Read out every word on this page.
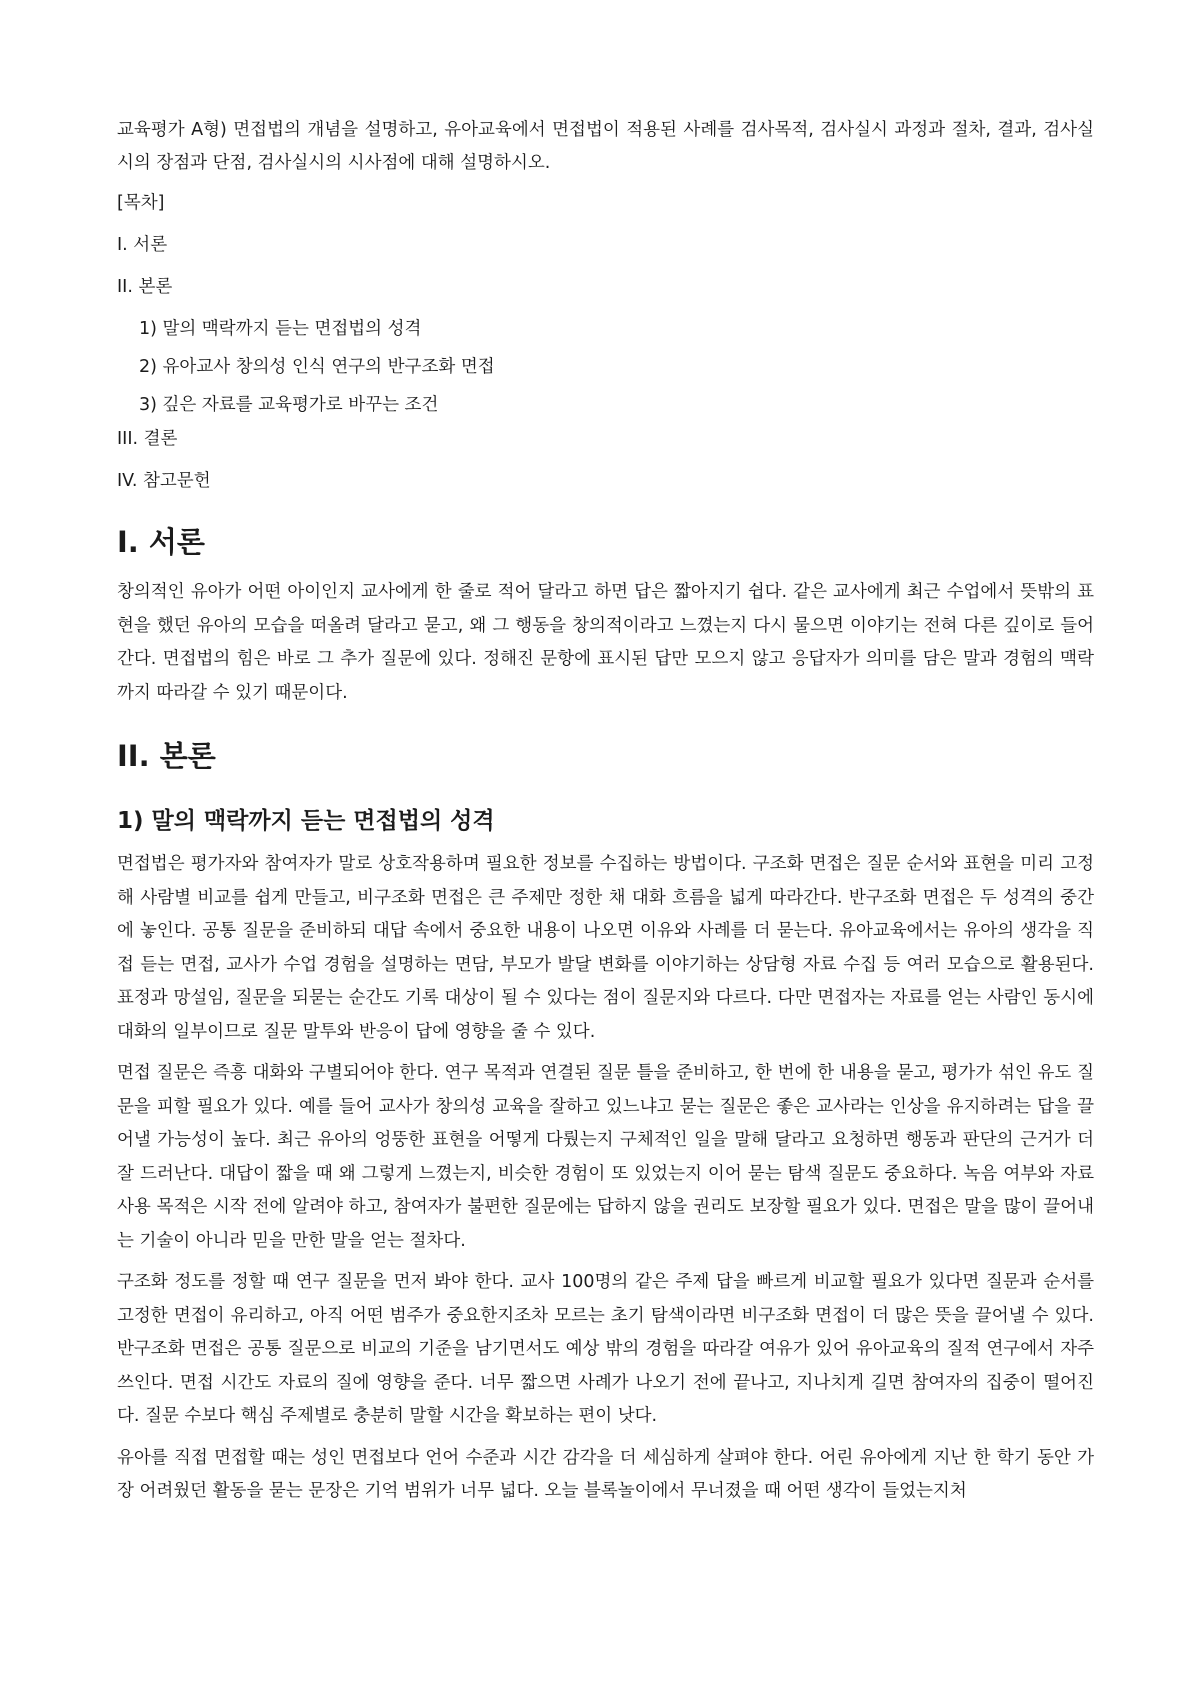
교육평가 A형) 면접법의 개념을 설명하고, 유아교육에서 면접법이 적용된 사례를 검사목적, 검사실시 과정과 절차, 결과, 검사실시의 장점과 단점, 검사실시의 시사점에 대해 설명하시오.

[목차]
I. 서론
II. 본론
1) 말의 맥락까지 듣는 면접법의 성격
2) 유아교사 창의성 인식 연구의 반구조화 면접
3) 깊은 자료를 교육평가로 바꾸는 조건
III. 결론
IV. 참고문헌
I. 서론

창의적인 유아가 어떤 아이인지 교사에게 한 줄로 적어 달라고 하면 답은 짧아지기 쉽다. 같은 교사에게 최근 수업에서 뜻밖의 표현을 했던 유아의 모습을 떠올려 달라고 묻고, 왜 그 행동을 창의적이라고 느꼈는지 다시 물으면 이야기는 전혀 다른 깊이로 들어간다. 면접법의 힘은 바로 그 추가 질문에 있다. 정해진 문항에 표시된 답만 모으지 않고 응답자가 의미를 담은 말과 경험의 맥락까지 따라갈 수 있기 때문이다.

II. 본론
1) 말의 맥락까지 듣는 면접법의 성격

면접법은 평가자와 참여자가 말로 상호작용하며 필요한 정보를 수집하는 방법이다. 구조화 면접은 질문 순서와 표현을 미리 고정해 사람별 비교를 쉽게 만들고, 비구조화 면접은 큰 주제만 정한 채 대화 흐름을 넓게 따라간다. 반구조화 면접은 두 성격의 중간에 놓인다. 공통 질문을 준비하되 대답 속에서 중요한 내용이 나오면 이유와 사례를 더 묻는다. 유아교육에서는 유아의 생각을 직접 듣는 면접, 교사가 수업 경험을 설명하는 면담, 부모가 발달 변화를 이야기하는 상담형 자료 수집 등 여러 모습으로 활용된다. 표정과 망설임, 질문을 되묻는 순간도 기록 대상이 될 수 있다는 점이 질문지와 다르다. 다만 면접자는 자료를 얻는 사람인 동시에 대화의 일부이므로 질문 말투와 반응이 답에 영향을 줄 수 있다.

면접 질문은 즉흥 대화와 구별되어야 한다. 연구 목적과 연결된 질문 틀을 준비하고, 한 번에 한 내용을 묻고, 평가가 섞인 유도 질문을 피할 필요가 있다. 예를 들어 교사가 창의성 교육을 잘하고 있느냐고 묻는 질문은 좋은 교사라는 인상을 유지하려는 답을 끌어낼 가능성이 높다. 최근 유아의 엉뚱한 표현을 어떻게 다뤘는지 구체적인 일을 말해 달라고 요청하면 행동과 판단의 근거가 더 잘 드러난다. 대답이 짧을 때 왜 그렇게 느꼈는지, 비슷한 경험이 또 있었는지 이어 묻는 탐색 질문도 중요하다. 녹음 여부와 자료 사용 목적은 시작 전에 알려야 하고, 참여자가 불편한 질문에는 답하지 않을 권리도 보장할 필요가 있다. 면접은 말을 많이 끌어내는 기술이 아니라 믿을 만한 말을 얻는 절차다.

구조화 정도를 정할 때 연구 질문을 먼저 봐야 한다. 교사 100명의 같은 주제 답을 빠르게 비교할 필요가 있다면 질문과 순서를 고정한 면접이 유리하고, 아직 어떤 범주가 중요한지조차 모르는 초기 탐색이라면 비구조화 면접이 더 많은 뜻을 끌어낼 수 있다. 반구조화 면접은 공통 질문으로 비교의 기준을 남기면서도 예상 밖의 경험을 따라갈 여유가 있어 유아교육의 질적 연구에서 자주 쓰인다. 면접 시간도 자료의 질에 영향을 준다. 너무 짧으면 사례가 나오기 전에 끝나고, 지나치게 길면 참여자의 집중이 떨어진다. 질문 수보다 핵심 주제별로 충분히 말할 시간을 확보하는 편이 낫다.

유아를 직접 면접할 때는 성인 면접보다 언어 수준과 시간 감각을 더 세심하게 살펴야 한다. 어린 유아에게 지난 한 학기 동안 가장 어려웠던 활동을 묻는 문장은 기억 범위가 너무 넓다. 오늘 블록놀이에서 무너졌을 때 어떤 생각이 들었는지처
